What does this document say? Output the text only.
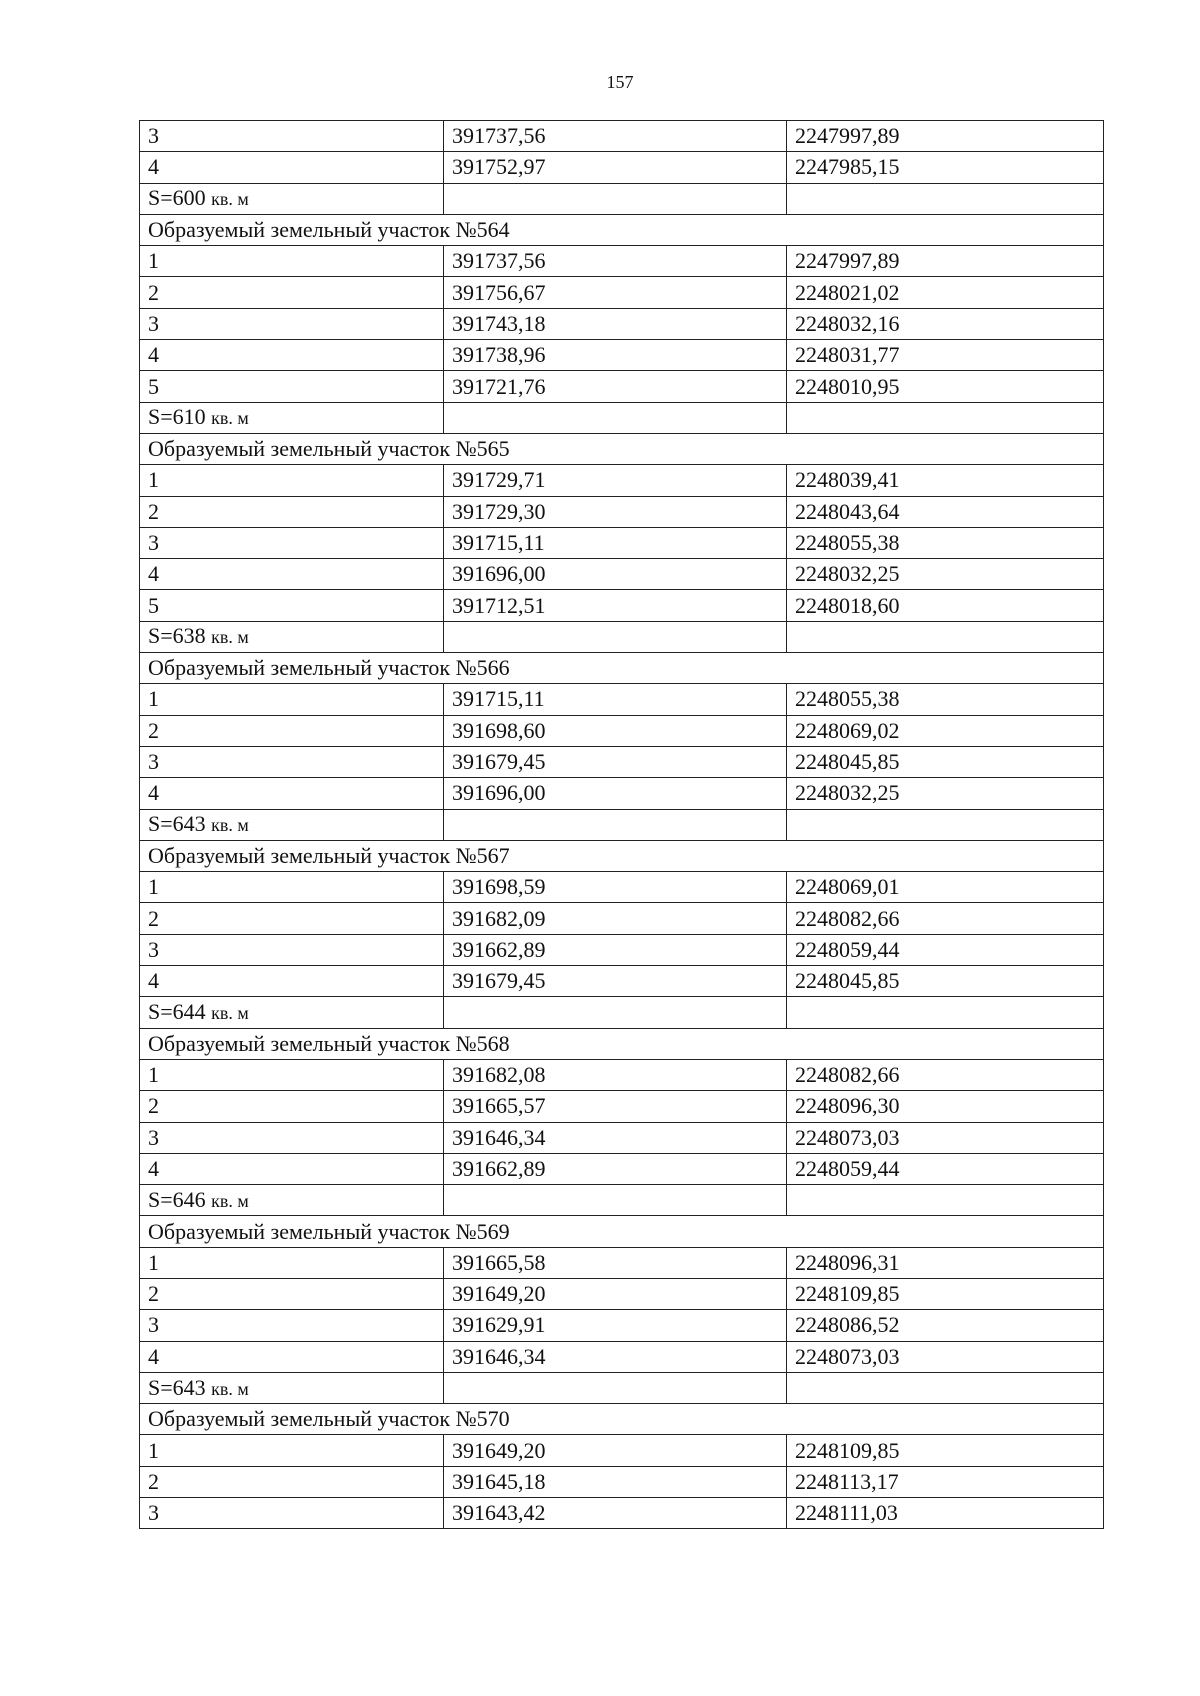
157
3	391737,56	2247997,89
4	391752,97	2247985,15
S=600 кв. м		
Образуемый земельный участок №564		
1	391737,56	2247997,89
2	391756,67	2248021,02
3	391743,18	2248032,16
4	391738,96	2248031,77
5	391721,76	2248010,95
S=610 кв. м		
Образуемый земельный участок №565		
1	391729,71	2248039,41
2	391729,30	2248043,64
3	391715,11	2248055,38
4	391696,00	2248032,25
5	391712,51	2248018,60
S=638 кв. м		
Образуемый земельный участок №566		
1	391715,11	2248055,38
2	391698,60	2248069,02
3	391679,45	2248045,85
4	391696,00	2248032,25
S=643 кв. м		
Образуемый земельный участок №567		
1	391698,59	2248069,01
2	391682,09	2248082,66
3	391662,89	2248059,44
4	391679,45	2248045,85
S=644 кв. м		
Образуемый земельный участок №568		
1	391682,08	2248082,66
2	391665,57	2248096,30
3	391646,34	2248073,03
4	391662,89	2248059,44
S=646 кв. м		
Образуемый земельный участок №569		
1	391665,58	2248096,31
2	391649,20	2248109,85
3	391629,91	2248086,52
4	391646,34	2248073,03
S=643 кв. м		
Образуемый земельный участок №570		
1	391649,20	2248109,85
2	391645,18	2248113,17
3	391643,42	2248111,03
